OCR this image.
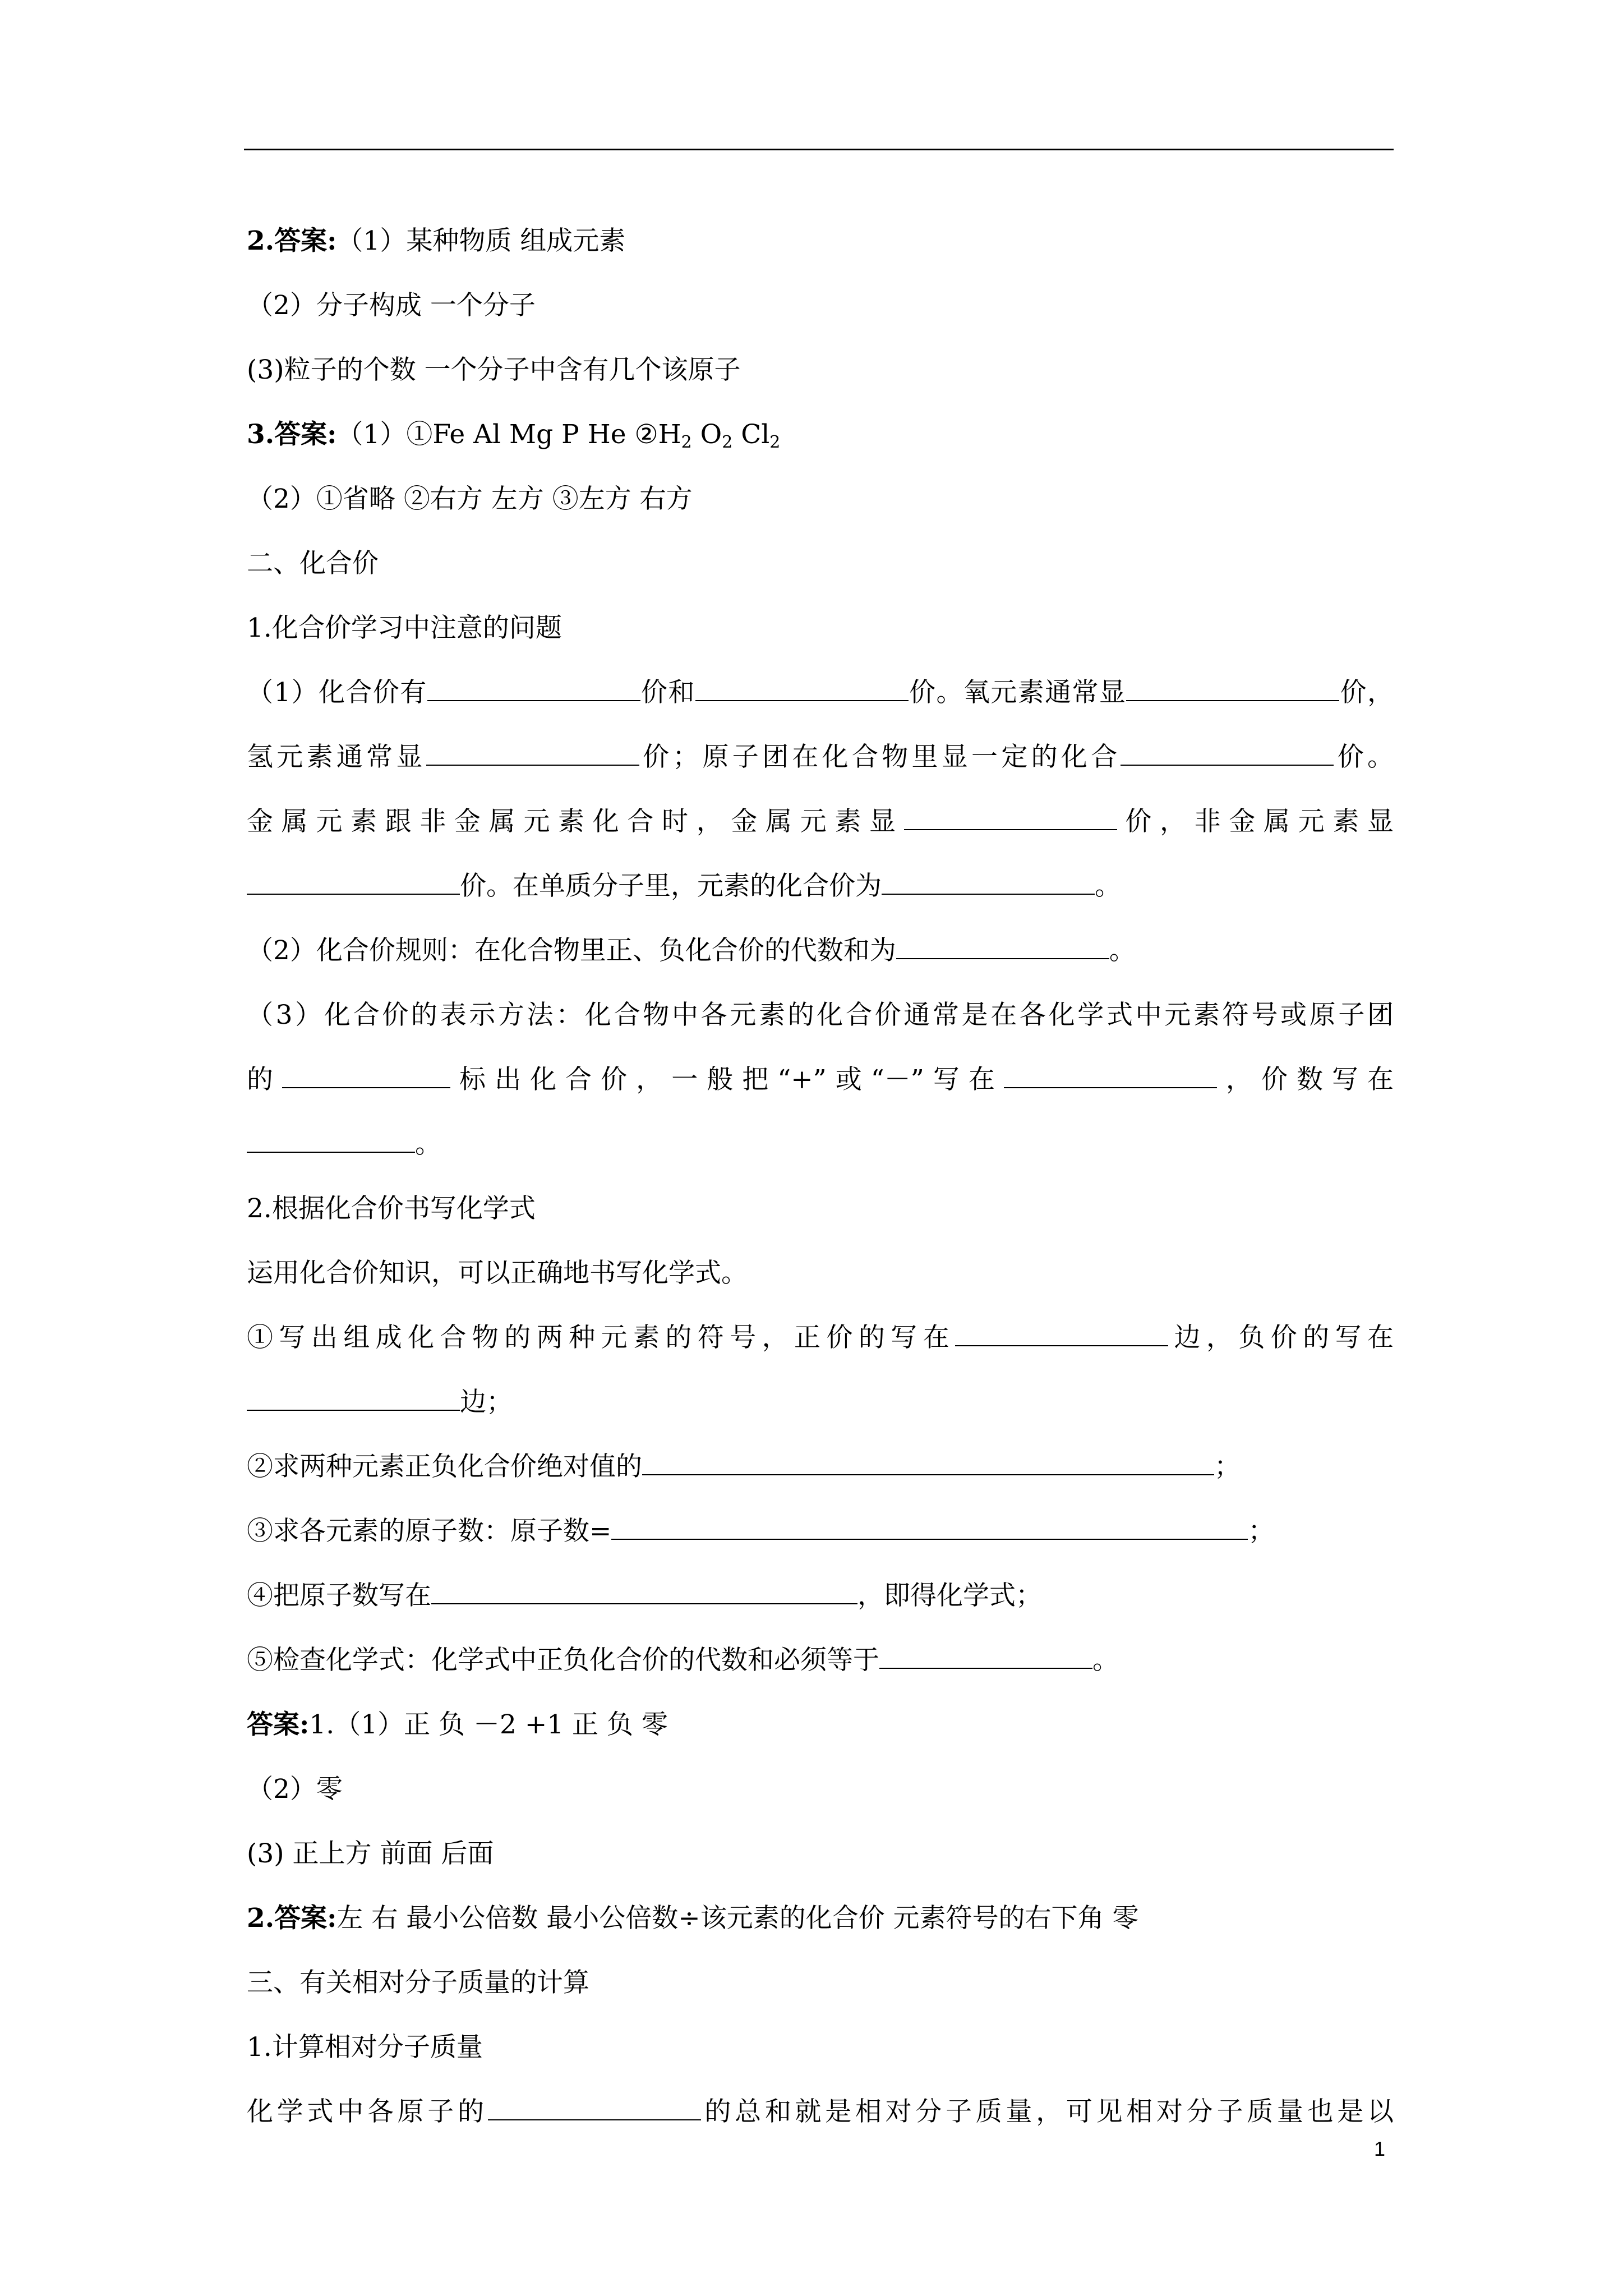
2.答案:（1）某种物质 组成元素
（2）分子构成 一个分子
(3)粒子的个数 一个分子中含有几个该原子
3.答案:（1）①Fe Al Mg P He $②H_2$ $O_2$ $Cl_2$
（2）①省略 ②右方 左方 ③左方 右方
二、化合价
1.化合价学习中注意的问题
（1）化合价有	价和	价。氧元素通常显	价，
氢元素通常显	价；原子团在化合物里显一定的化合	价。
金属元素跟非金属元素化合时，金属元素显	价，非金属元素显
价。在单质分子里，元素的化合价为	。
（2）化合价规则：在化合物里正、负化合价的代数和为	。
（3）化合价的表示方法：化合物中各元素的化合价通常是在各化学式中元素符号或原子团
的	标出化合价，一般把“+”或“－”写在	，价数写在
。
2.根据化合价书写化学式
运用化合价知识，可以正确地书写化学式。
①写出组成化合物的两种元素的符号，正价的写在	边，负价的写在
边；
②求两种元素正负化合价绝对值的	；
③求各元素的原子数：原子数=	；
④把原子数写在	，即得化学式；
⑤检查化学式：化学式中正负化合价的代数和必须等于	。
答案:1.（1）正 负 －2 +1 正 负 零
（2）零
(3) 正上方 前面 后面
2.答案:左 右 最小公倍数 最小公倍数÷该元素的化合价 元素符号的右下角 零
三、有关相对分子质量的计算
1.计算相对分子质量
化学式中各原子的	的总和就是相对分子质量，可见相对分子质量也是以
1
